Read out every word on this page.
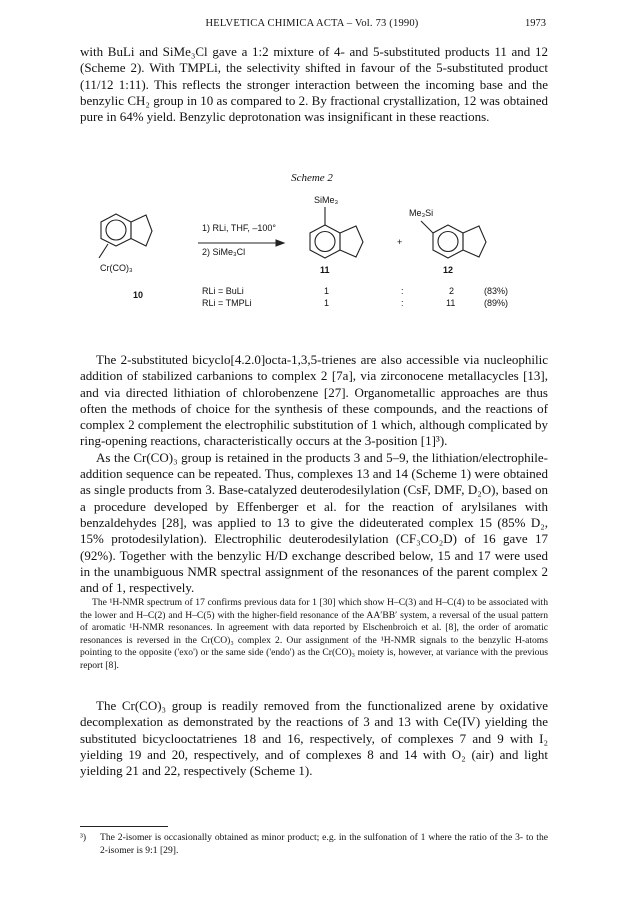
HELVETICA CHIMICA ACTA – Vol. 73 (1990)	1973

with BuLi and SiMe₃Cl gave a 1:2 mixture of 4- and 5-substituted products 11 and 12 (Scheme 2). With TMPLi, the selectivity shifted in favour of the 5-substituted product (11/12 1:11). This reflects the stronger interaction between the incoming base and the benzylic CH₂ group in 10 as compared to 2. By fractional crystallization, 12 was obtained pure in 64% yield. Benzylic deprotonation was insignificant in these reactions.

Scheme 2
Cr(CO)₃
1) RLi, THF, –100°
2) SiMe₃Cl
SiMe₃
Me₃Si
+
11	12
10	RLi = BuLi	1	:	2	(83%)
RLi = TMPLi	1	:	11	(89%)

The 2-substituted bicyclo[4.2.0]octa-1,3,5-trienes are also accessible via nucleophilic addition of stabilized carbanions to complex 2 [7a], via zirconocene metallacycles [13], and via directed lithiation of chlorobenzene [27]. Organometallic approaches are thus often the methods of choice for the synthesis of these compounds, and the reactions of complex 2 complement the electrophilic substitution of 1 which, although complicated by ring-opening reactions, characteristically occurs at the 3-position [1]³).

As the Cr(CO)₃ group is retained in the products 3 and 5–9, the lithiation/electrophile-addition sequence can be repeated. Thus, complexes 13 and 14 (Scheme 1) were obtained as single products from 3. Base-catalyzed deuterodesilylation (CsF, DMF, D₂O), based on a procedure developed by Effenberger et al. for the reaction of arylsilanes with benzaldehydes [28], was applied to 13 to give the dideuterated complex 15 (85% D₂, 15% protodesilylation). Electrophilic deuterodesilylation (CF₃CO₂D) of 16 gave 17 (92%). Together with the benzylic H/D exchange described below, 15 and 17 were used in the unambiguous NMR spectral assignment of the resonances of the parent complex 2 and of 1, respectively.

The ¹H-NMR spectrum of 17 confirms previous data for 1 [30] which show H–C(3) and H–C(4) to be associated with the lower and H–C(2) and H–C(5) with the higher-field resonance of the AA′BB′ system, a reversal of the usual pattern of aromatic ¹H-NMR resonances. In agreement with data reported by Elschenbroich et al. [8], the order of aromatic resonances is reversed in the Cr(CO)₃ complex 2. Our assignment of the ¹H-NMR signals to the benzylic H-atoms pointing to the opposite ('exo') or the same side ('endo') as the Cr(CO)₃ moiety is, however, at variance with the previous report [8].

The Cr(CO)₃ group is readily removed from the functionalized arene by oxidative decomplexation as demonstrated by the reactions of 3 and 13 with Ce(IV) yielding the substituted bicyclooctatrienes 18 and 16, respectively, of complexes 7 and 9 with I₂ yielding 19 and 20, respectively, and of complexes 8 and 14 with O₂ (air) and light yielding 21 and 22, respectively (Scheme 1).

³) The 2-isomer is occasionally obtained as minor product; e.g. in the sulfonation of 1 where the ratio of the 3- to the 2-isomer is 9:1 [29].
